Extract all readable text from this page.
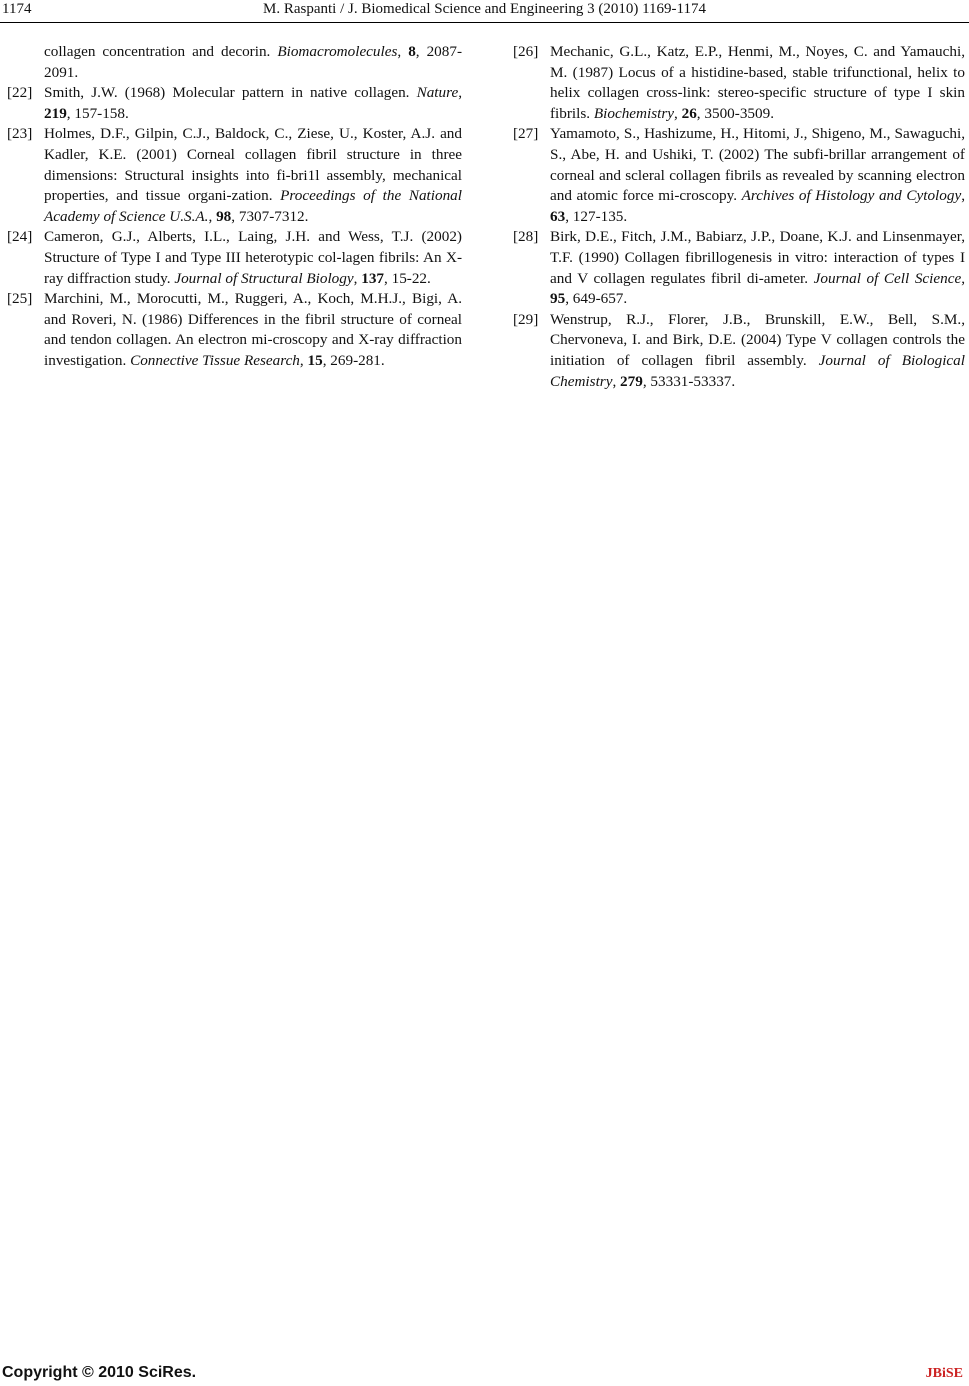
1174	M. Raspanti / J. Biomedical Science and Engineering 3 (2010) 1169-1174
collagen concentration and decorin. Biomacromolecules, 8, 2087-2091.
[22] Smith, J.W. (1968) Molecular pattern in native collagen. Nature, 219, 157-158.
[23] Holmes, D.F., Gilpin, C.J., Baldock, C., Ziese, U., Koster, A.J. and Kadler, K.E. (2001) Corneal collagen fibril structure in three dimensions: Structural insights into fi-bri1l assembly, mechanical properties, and tissue organi-zation. Proceedings of the National Academy of Science U.S.A., 98, 7307-7312.
[24] Cameron, G.J., Alberts, I.L., Laing, J.H. and Wess, T.J. (2002) Structure of Type I and Type III heterotypic col-lagen fibrils: An X-ray diffraction study. Journal of Structural Biology, 137, 15-22.
[25] Marchini, M., Morocutti, M., Ruggeri, A., Koch, M.H.J., Bigi, A. and Roveri, N. (1986) Differences in the fibril structure of corneal and tendon collagen. An electron mi-croscopy and X-ray diffraction investigation. Connective Tissue Research, 15, 269-281.
[26] Mechanic, G.L., Katz, E.P., Henmi, M., Noyes, C. and Yamauchi, M. (1987) Locus of a histidine-based, stable trifunctional, helix to helix collagen cross-link: stereo-specific structure of type I skin fibrils. Biochemistry, 26, 3500-3509.
[27] Yamamoto, S., Hashizume, H., Hitomi, J., Shigeno, M., Sawaguchi, S., Abe, H. and Ushiki, T. (2002) The subfi-brillar arrangement of corneal and scleral collagen fibrils as revealed by scanning electron and atomic force mi-croscopy. Archives of Histology and Cytology, 63, 127-135.
[28] Birk, D.E., Fitch, J.M., Babiarz, J.P., Doane, K.J. and Linsenmayer, T.F. (1990) Collagen fibrillogenesis in vitro: interaction of types I and V collagen regulates fibril di-ameter. Journal of Cell Science, 95, 649-657.
[29] Wenstrup, R.J., Florer, J.B., Brunskill, E.W., Bell, S.M., Chervoneva, I. and Birk, D.E. (2004) Type V collagen controls the initiation of collagen fibril assembly. Journal of Biological Chemistry, 279, 53331-53337.
Copyright © 2010 SciRes.	JBiSE
